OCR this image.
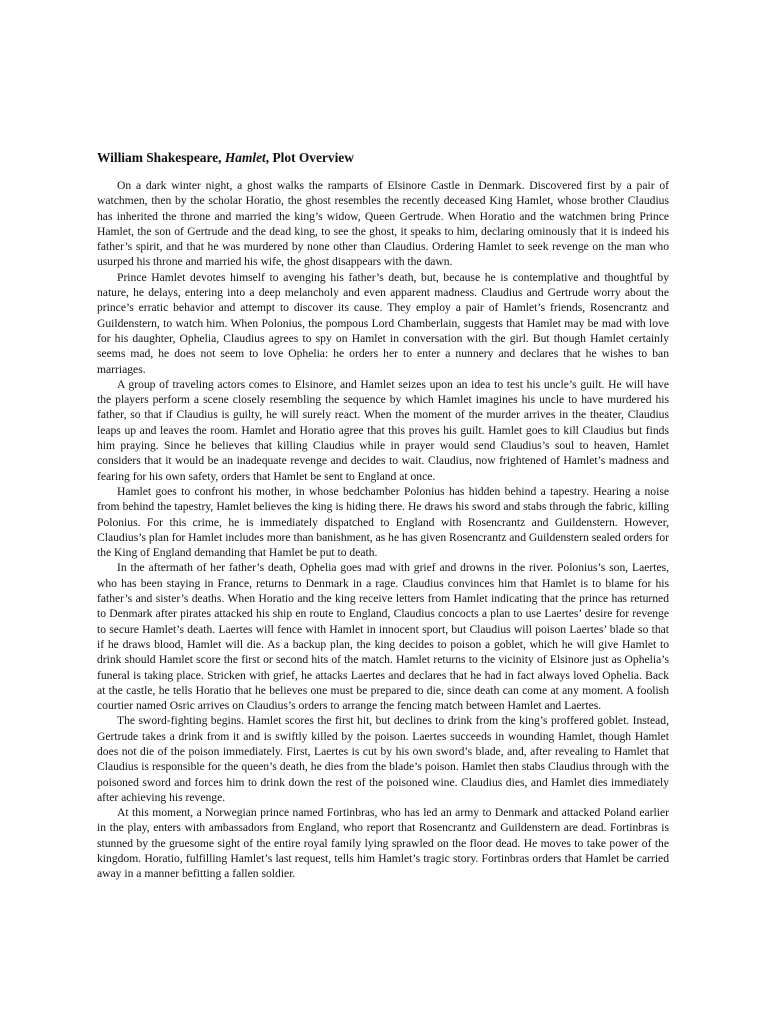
William Shakespeare, Hamlet, Plot Overview

On a dark winter night, a ghost walks the ramparts of Elsinore Castle in Denmark. Discovered first by a pair of watchmen, then by the scholar Horatio, the ghost resembles the recently deceased King Hamlet, whose brother Claudius has inherited the throne and married the king’s widow, Queen Gertrude. When Horatio and the watchmen bring Prince Hamlet, the son of Gertrude and the dead king, to see the ghost, it speaks to him, declaring ominously that it is indeed his father’s spirit, and that he was murdered by none other than Claudius. Ordering Hamlet to seek revenge on the man who usurped his throne and married his wife, the ghost disappears with the dawn.

Prince Hamlet devotes himself to avenging his father’s death, but, because he is contemplative and thoughtful by nature, he delays, entering into a deep melancholy and even apparent madness. Claudius and Gertrude worry about the prince’s erratic behavior and attempt to discover its cause. They employ a pair of Hamlet’s friends, Rosencrantz and Guildenstern, to watch him. When Polonius, the pompous Lord Chamberlain, suggests that Hamlet may be mad with love for his daughter, Ophelia, Claudius agrees to spy on Hamlet in conversation with the girl. But though Hamlet certainly seems mad, he does not seem to love Ophelia: he orders her to enter a nunnery and declares that he wishes to ban marriages.

A group of traveling actors comes to Elsinore, and Hamlet seizes upon an idea to test his uncle’s guilt. He will have the players perform a scene closely resembling the sequence by which Hamlet imagines his uncle to have murdered his father, so that if Claudius is guilty, he will surely react. When the moment of the murder arrives in the theater, Claudius leaps up and leaves the room. Hamlet and Horatio agree that this proves his guilt. Hamlet goes to kill Claudius but finds him praying. Since he believes that killing Claudius while in prayer would send Claudius’s soul to heaven, Hamlet considers that it would be an inadequate revenge and decides to wait. Claudius, now frightened of Hamlet’s madness and fearing for his own safety, orders that Hamlet be sent to England at once.

Hamlet goes to confront his mother, in whose bedchamber Polonius has hidden behind a tapestry. Hearing a noise from behind the tapestry, Hamlet believes the king is hiding there. He draws his sword and stabs through the fabric, killing Polonius. For this crime, he is immediately dispatched to England with Rosencrantz and Guildenstern. However, Claudius’s plan for Hamlet includes more than banishment, as he has given Rosencrantz and Guildenstern sealed orders for the King of England demanding that Hamlet be put to death.

In the aftermath of her father’s death, Ophelia goes mad with grief and drowns in the river. Polonius’s son, Laertes, who has been staying in France, returns to Denmark in a rage. Claudius convinces him that Hamlet is to blame for his father’s and sister’s deaths. When Horatio and the king receive letters from Hamlet indicating that the prince has returned to Denmark after pirates attacked his ship en route to England, Claudius concocts a plan to use Laertes’ desire for revenge to secure Hamlet’s death. Laertes will fence with Hamlet in innocent sport, but Claudius will poison Laertes’ blade so that if he draws blood, Hamlet will die. As a backup plan, the king decides to poison a goblet, which he will give Hamlet to drink should Hamlet score the first or second hits of the match. Hamlet returns to the vicinity of Elsinore just as Ophelia’s funeral is taking place. Stricken with grief, he attacks Laertes and declares that he had in fact always loved Ophelia. Back at the castle, he tells Horatio that he believes one must be prepared to die, since death can come at any moment. A foolish courtier named Osric arrives on Claudius’s orders to arrange the fencing match between Hamlet and Laertes.

The sword-fighting begins. Hamlet scores the first hit, but declines to drink from the king’s proffered goblet. Instead, Gertrude takes a drink from it and is swiftly killed by the poison. Laertes succeeds in wounding Hamlet, though Hamlet does not die of the poison immediately. First, Laertes is cut by his own sword’s blade, and, after revealing to Hamlet that Claudius is responsible for the queen’s death, he dies from the blade’s poison. Hamlet then stabs Claudius through with the poisoned sword and forces him to drink down the rest of the poisoned wine. Claudius dies, and Hamlet dies immediately after achieving his revenge.

At this moment, a Norwegian prince named Fortinbras, who has led an army to Denmark and attacked Poland earlier in the play, enters with ambassadors from England, who report that Rosencrantz and Guildenstern are dead. Fortinbras is stunned by the gruesome sight of the entire royal family lying sprawled on the floor dead. He moves to take power of the kingdom. Horatio, fulfilling Hamlet’s last request, tells him Hamlet’s tragic story. Fortinbras orders that Hamlet be carried away in a manner befitting a fallen soldier.
